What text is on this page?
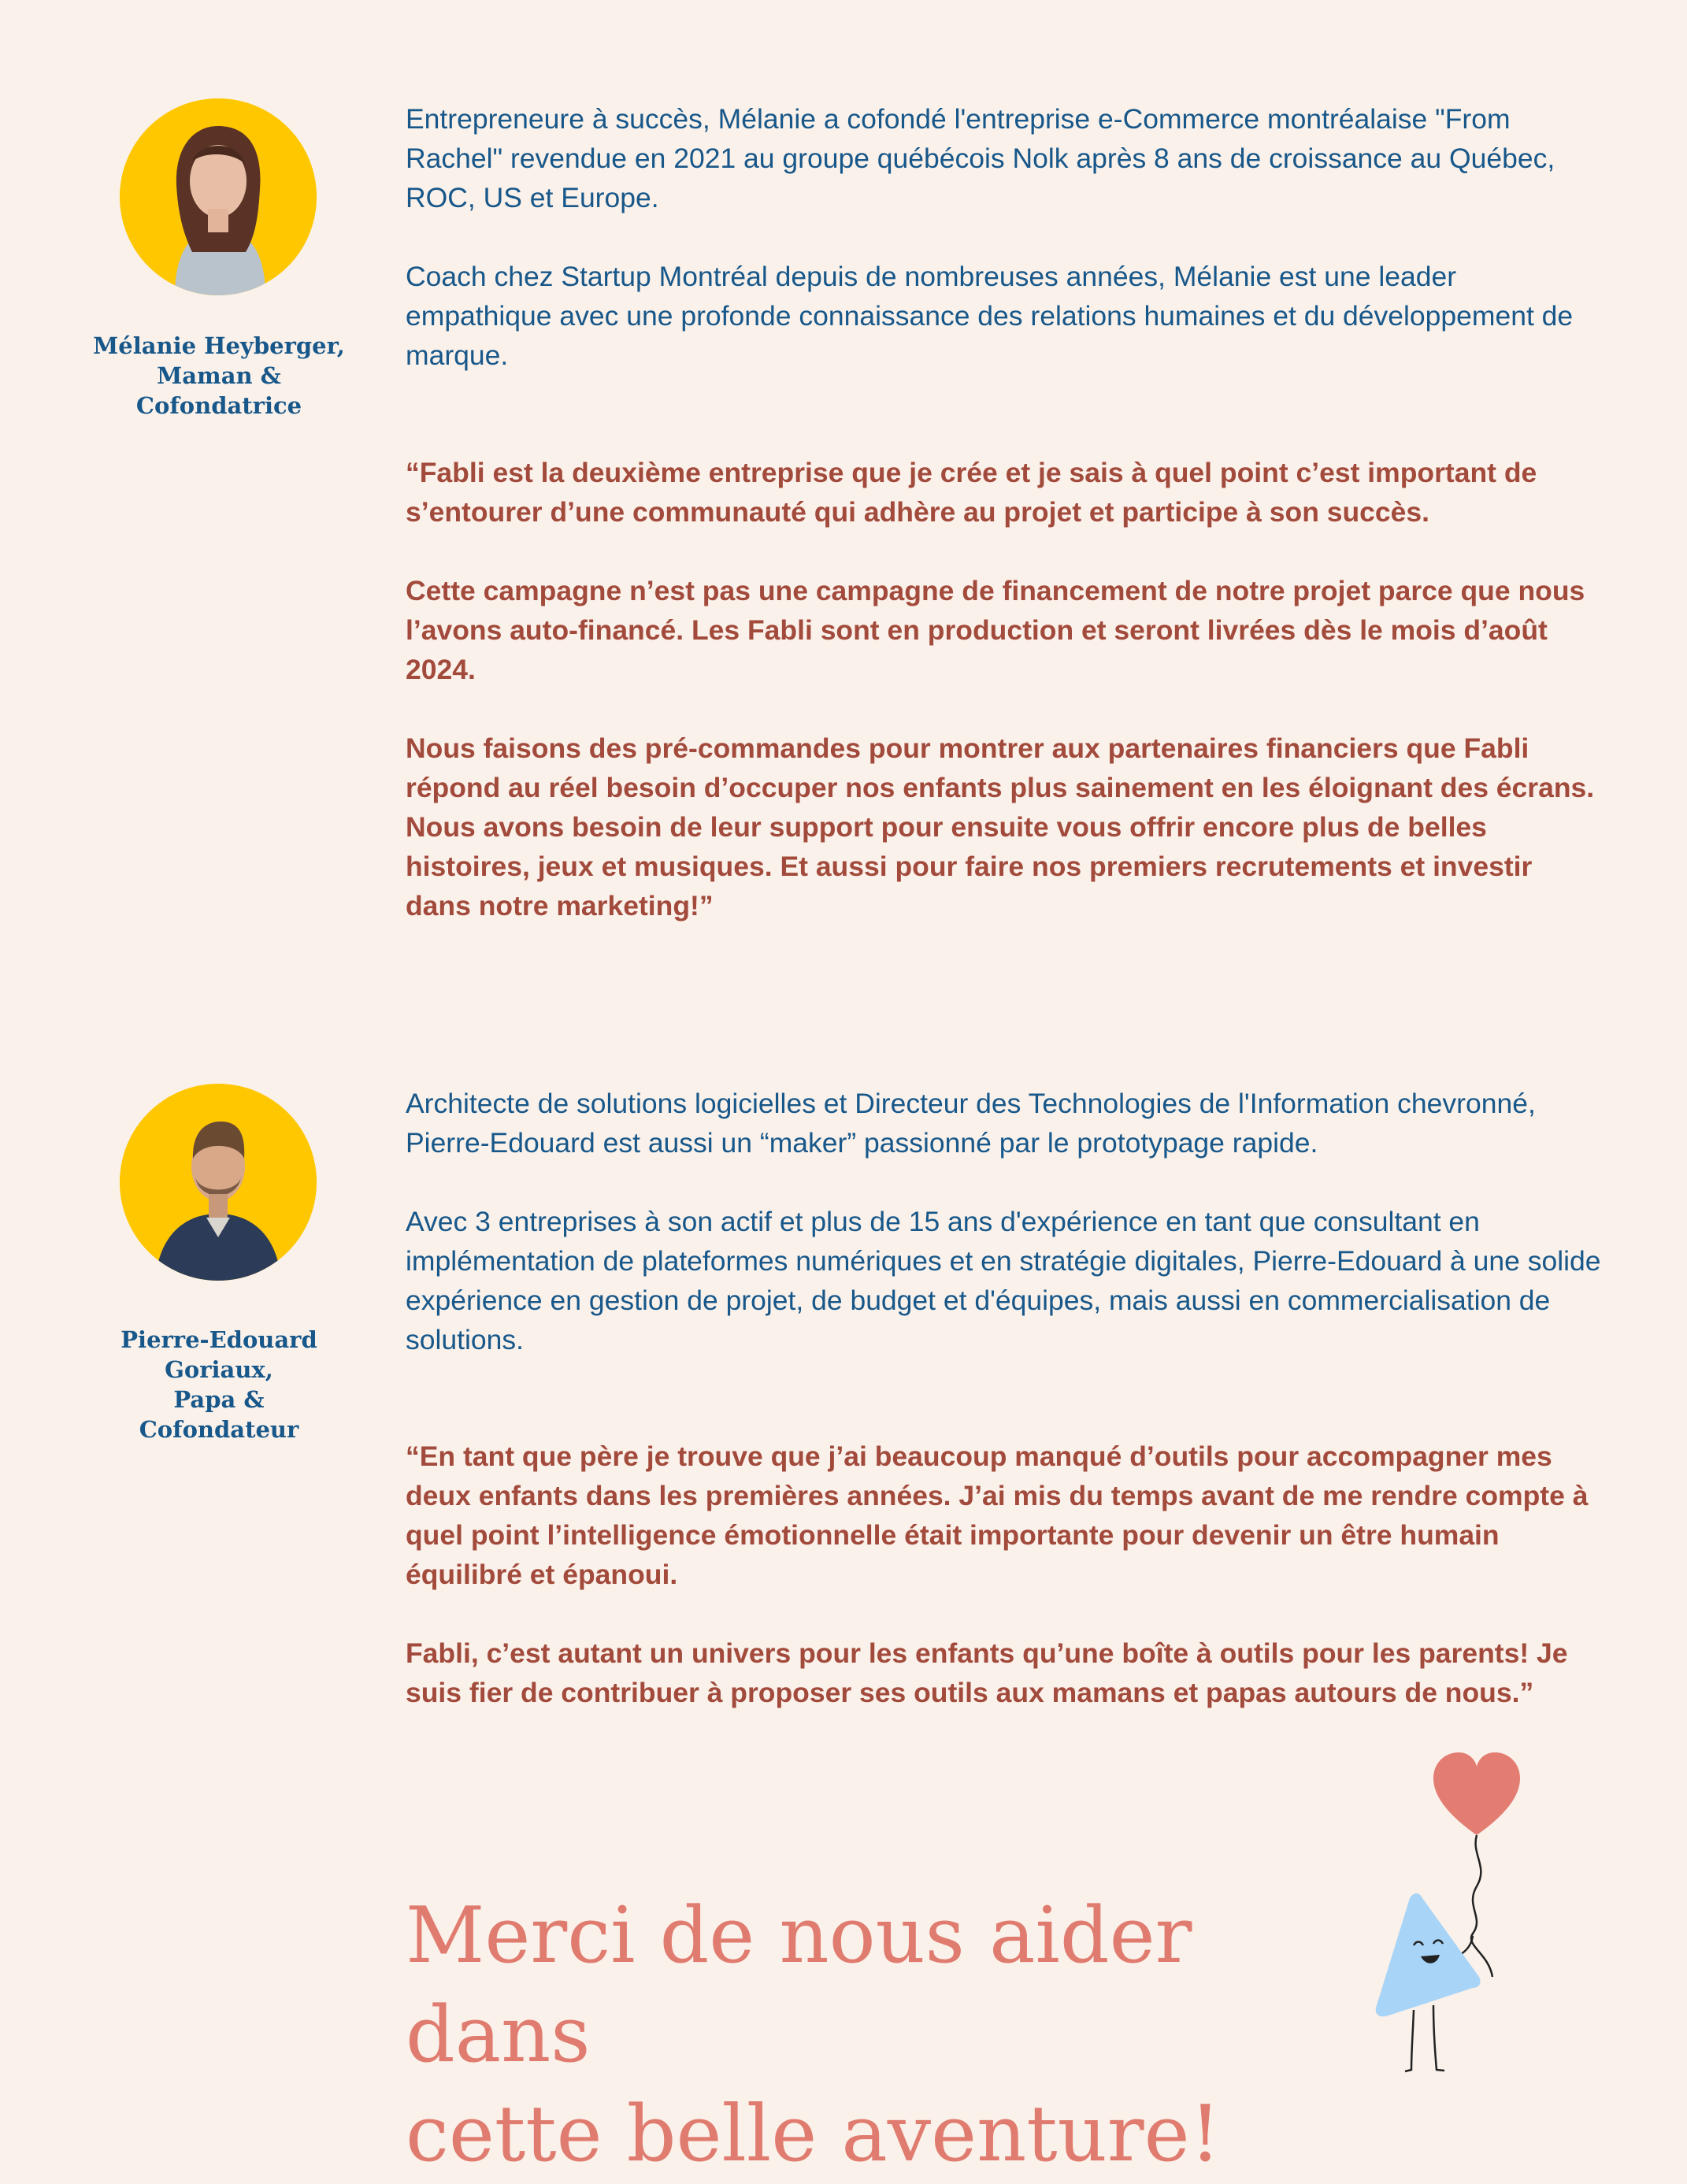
Mélanie Heyberger,
Maman &
Cofondatrice

Entrepreneure à succès, Mélanie a cofondé l'entreprise e-Commerce montréalaise "From Rachel" revendue en 2021 au groupe québécois Nolk après 8 ans de croissance au Québec, ROC, US et Europe.

Coach chez Startup Montréal depuis de nombreuses années, Mélanie est une leader empathique avec une profonde connaissance des relations humaines et du développement de marque.

“Fabli est la deuxième entreprise que je crée et je sais à quel point c’est important de s’entourer d’une communauté qui adhère au projet et participe à son succès.

Cette campagne n’est pas une campagne de financement de notre projet parce que nous l’avons auto-financé. Les Fabli sont en production et seront livrées dès le mois d’août 2024.

Nous faisons des pré-commandes pour montrer aux partenaires financiers que Fabli répond au réel besoin d’occuper nos enfants plus sainement en les éloignant des écrans. Nous avons besoin de leur support pour ensuite vous offrir encore plus de belles histoires, jeux et musiques. Et aussi pour faire nos premiers recrutements et investir dans notre marketing!”

Pierre-Edouard
Goriaux,
Papa & Cofondateur

Architecte de solutions logicielles et Directeur des Technologies de l'Information chevronné, Pierre-Edouard est aussi un “maker” passionné par le prototypage rapide.

Avec 3 entreprises à son actif et plus de 15 ans d'expérience en tant que consultant en implémentation de plateformes numériques et en stratégie digitales, Pierre-Edouard à une solide expérience en gestion de projet, de budget et d'équipes, mais aussi en commercialisation de solutions.

“En tant que père je trouve que j’ai beaucoup manqué d’outils pour accompagner mes deux enfants dans les premières années. J’ai mis du temps avant de me rendre compte à quel point l’intelligence émotionnelle était importante pour devenir un être humain équilibré et épanoui.

Fabli, c’est autant un univers pour les enfants qu’une boîte à outils pour les parents! Je suis fier de contribuer à proposer ses outils aux mamans et papas autours de nous.”

Merci de nous aider dans
cette belle aventure!
